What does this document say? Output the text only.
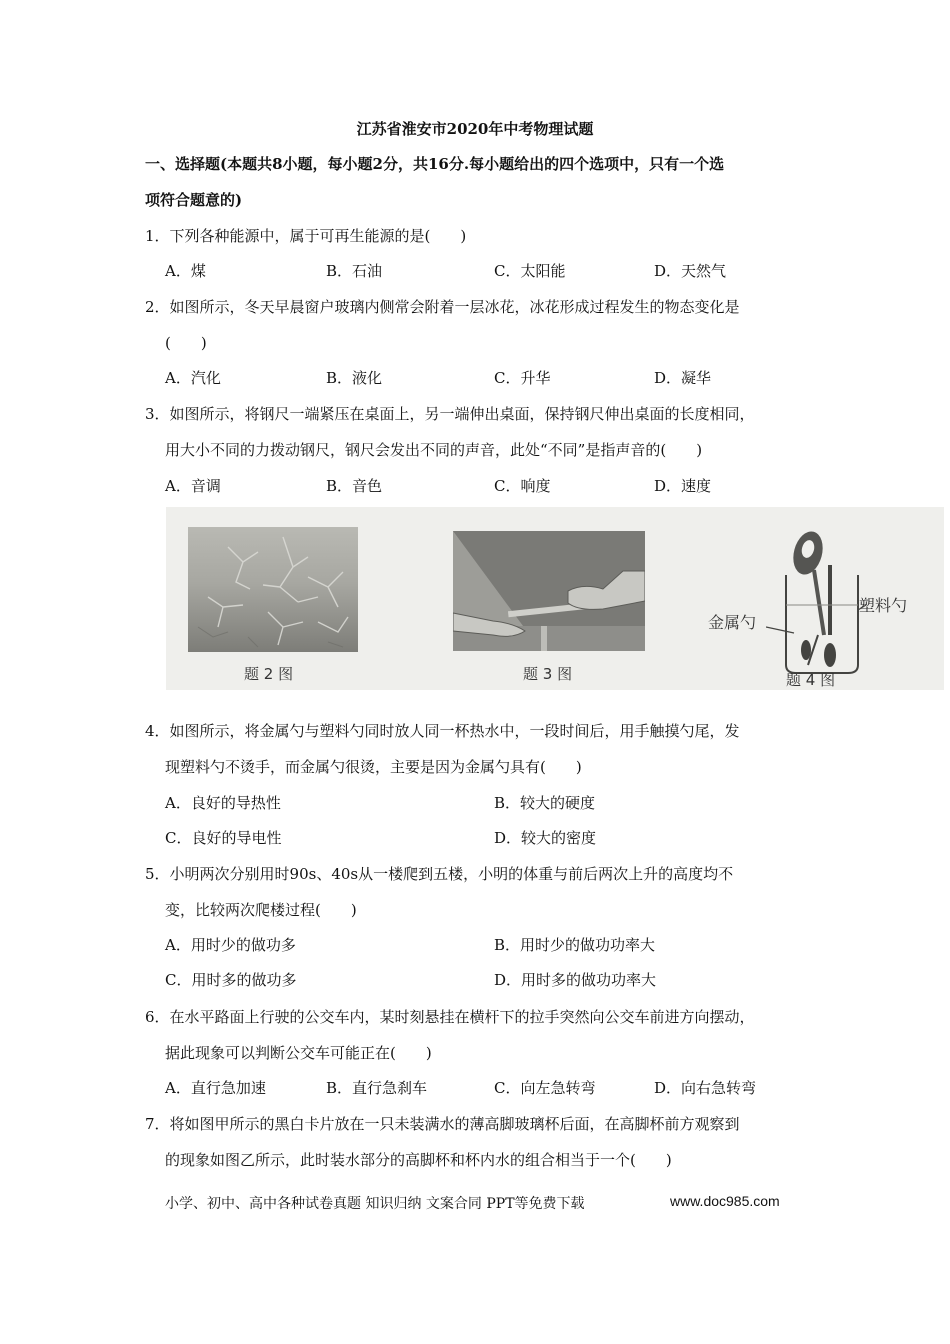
江苏省淮安市2020年中考物理试题
一、选择题(本题共8小题，每小题2分，共16分.每小题给出的四个选项中，只有一个选
项符合题意的)
1．下列各种能源中，属于可再生能源的是(　　)
A．煤	B．石油	C．太阳能	D．天然气
2．如图所示，冬天早晨窗户玻璃内侧常会附着一层冰花，冰花形成过程发生的物态变化是
(　　)
A．汽化	B．液化	C．升华	D．凝华
3．如图所示，将钢尺一端紧压在桌面上，另一端伸出桌面，保持钢尺伸出桌面的长度相同，
用大小不同的力拨动钢尺，钢尺会发出不同的声音，此处“不同”是指声音的(　　)
A．音调	B．音色	C．响度	D．速度
题 2 图	题 3 图
金属勺
塑料勺
题 4 图
4．如图所示，将金属勺与塑料勺同时放人同一杯热水中，一段时间后，用手触摸勺尾，发
现塑料勺不烫手，而金属勺很烫，主要是因为金属勺具有(　　)
A．良好的导热性	B．较大的硬度
C．良好的导电性	D．较大的密度
5．小明两次分别用时90s、40s从一楼爬到五楼，小明的体重与前后两次上升的高度均不
变，比较两次爬楼过程(　　)
A．用时少的做功多	B．用时少的做功功率大
C．用时多的做功多	D．用时多的做功功率大
6．在水平路面上行驶的公交车内，某时刻悬挂在横杆下的拉手突然向公交车前进方向摆动，
据此现象可以判断公交车可能正在(　　)
A．直行急加速	B．直行急刹车	C．向左急转弯	D．向右急转弯
7．将如图甲所示的黑白卡片放在一只未装满水的薄高脚玻璃杯后面，在高脚杯前方观察到
的现象如图乙所示，此时装水部分的高脚杯和杯内水的组合相当于一个(　　)
小学、初中、高中各种试卷真题 知识归纳 文案合同 PPT等免费下载	www.doc985.com
